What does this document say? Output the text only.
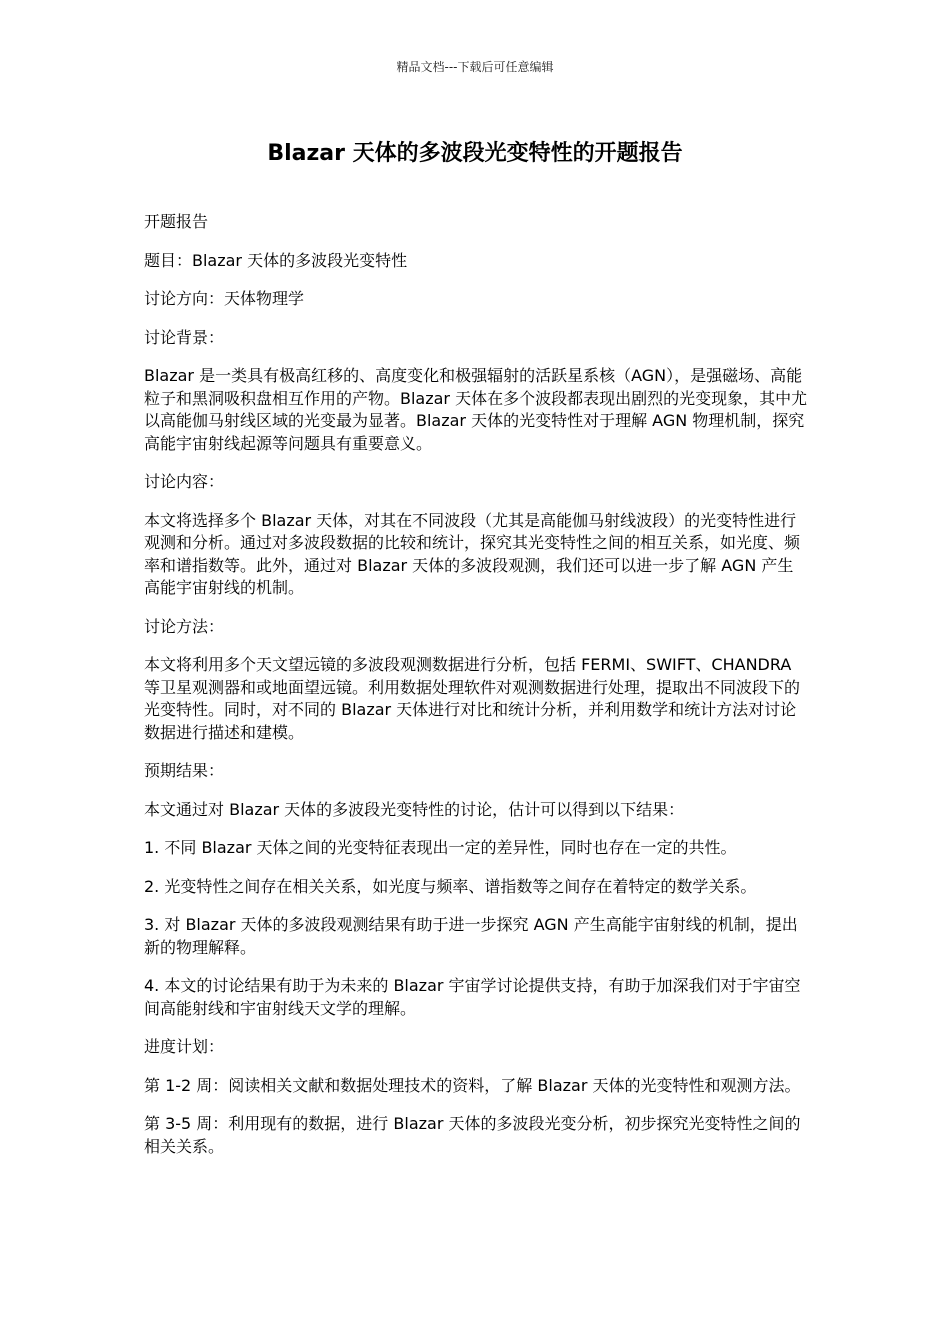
精品文档---下载后可任意编辑
Blazar 天体的多波段光变特性的开题报告

开题报告

题目：Blazar 天体的多波段光变特性

讨论方向：天体物理学

讨论背景：

Blazar 是一类具有极高红移的、高度变化和极强辐射的活跃星系核（AGN），是强磁场、高能粒子和黑洞吸积盘相互作用的产物。Blazar 天体在多个波段都表现出剧烈的光变现象，其中尤以高能伽马射线区域的光变最为显著。Blazar 天体的光变特性对于理解 AGN 物理机制，探究高能宇宙射线起源等问题具有重要意义。

讨论内容：

本文将选择多个 Blazar 天体，对其在不同波段（尤其是高能伽马射线波段）的光变特性进行观测和分析。通过对多波段数据的比较和统计，探究其光变特性之间的相互关系，如光度、频率和谱指数等。此外，通过对 Blazar 天体的多波段观测，我们还可以进一步了解 AGN 产生高能宇宙射线的机制。

讨论方法：

本文将利用多个天文望远镜的多波段观测数据进行分析，包括 FERMI、SWIFT、CHANDRA 等卫星观测器和或地面望远镜。利用数据处理软件对观测数据进行处理，提取出不同波段下的光变特性。同时，对不同的 Blazar 天体进行对比和统计分析，并利用数学和统计方法对讨论数据进行描述和建模。

预期结果：

本文通过对 Blazar 天体的多波段光变特性的讨论，估计可以得到以下结果：

1. 不同 Blazar 天体之间的光变特征表现出一定的差异性，同时也存在一定的共性。

2. 光变特性之间存在相关关系，如光度与频率、谱指数等之间存在着特定的数学关系。

3. 对 Blazar 天体的多波段观测结果有助于进一步探究 AGN 产生高能宇宙射线的机制，提出新的物理解释。

4. 本文的讨论结果有助于为未来的 Blazar 宇宙学讨论提供支持，有助于加深我们对于宇宙空间高能射线和宇宙射线天文学的理解。

进度计划：

第 1-2 周：阅读相关文献和数据处理技术的资料，了解 Blazar 天体的光变特性和观测方法。

第 3-5 周：利用现有的数据，进行 Blazar 天体的多波段光变分析，初步探究光变特性之间的相关关系。
